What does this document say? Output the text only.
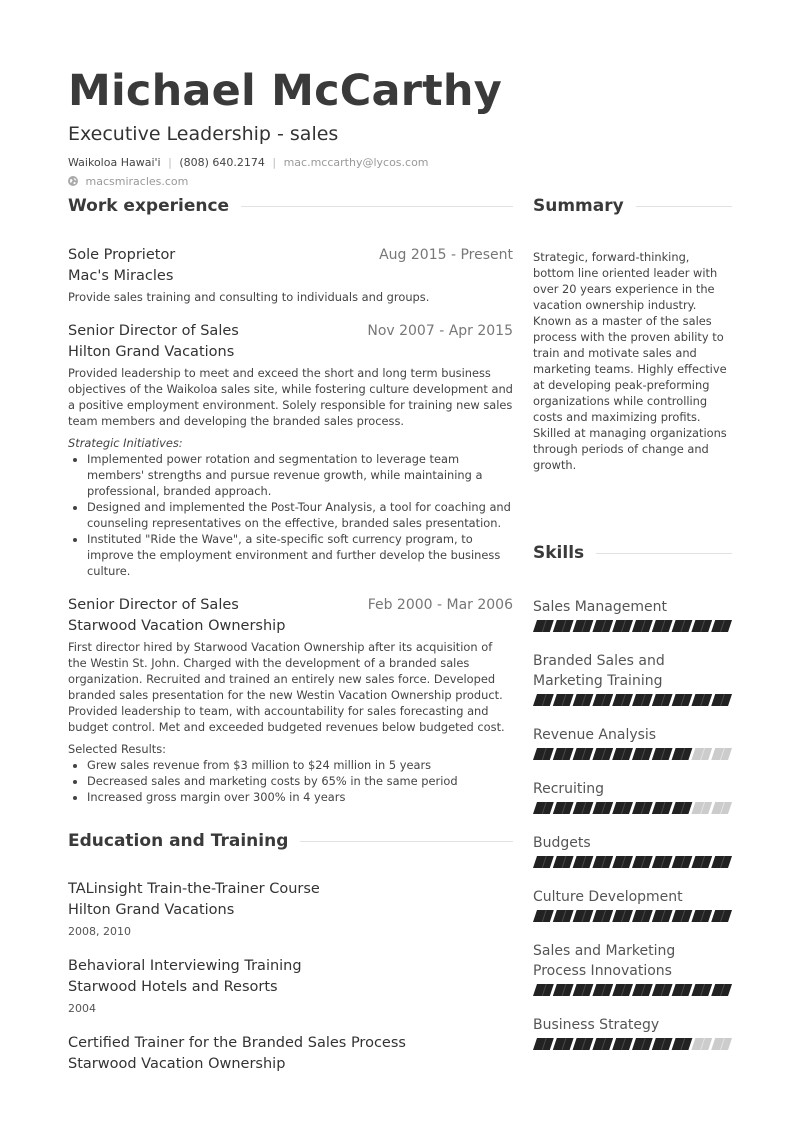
Michael McCarthy
Executive Leadership - sales
Waikoloa Hawai'i | (808) 640.2174 | mac.mccarthy@lycos.com
macsmiracles.com
Work experience
Sole Proprietor	Aug 2015 - Present
Mac's Miracles
Provide sales training and consulting to individuals and groups.
Senior Director of Sales	Nov 2007 - Apr 2015
Hilton Grand Vacations
Provided leadership to meet and exceed the short and long term business objectives of the Waikoloa sales site, while fostering culture development and a positive employment environment. Solely responsible for training new sales team members and developing the branded sales process.
Strategic Initiatives:
• Implemented power rotation and segmentation to leverage team members' strengths and pursue revenue growth, while maintaining a professional, branded approach.
• Designed and implemented the Post-Tour Analysis, a tool for coaching and counseling representatives on the effective, branded sales presentation.
• Instituted "Ride the Wave", a site-specific soft currency program, to improve the employment environment and further develop the business culture.
Senior Director of Sales	Feb 2000 - Mar 2006
Starwood Vacation Ownership
First director hired by Starwood Vacation Ownership after its acquisition of the Westin St. John. Charged with the development of a branded sales organization. Recruited and trained an entirely new sales force. Developed branded sales presentation for the new Westin Vacation Ownership product. Provided leadership to team, with accountability for sales forecasting and budget control. Met and exceeded budgeted revenues below budgeted cost.
Selected Results:
• Grew sales revenue from $3 million to $24 million in 5 years
• Decreased sales and marketing costs by 65% in the same period
• Increased gross margin over 300% in 4 years
Education and Training
TALinsight Train-the-Trainer Course
Hilton Grand Vacations
2008, 2010
Behavioral Interviewing Training
Starwood Hotels and Resorts
2004
Certified Trainer for the Branded Sales Process
Starwood Vacation Ownership
Summary
Strategic, forward-thinking, bottom line oriented leader with over 20 years experience in the vacation ownership industry. Known as a master of the sales process with the proven ability to train and motivate sales and marketing teams. Highly effective at developing peak-preforming organizations while controlling costs and maximizing profits. Skilled at managing organizations through periods of change and growth.
Skills
Sales Management
Branded Sales and Marketing Training
Revenue Analysis
Recruiting
Budgets
Culture Development
Sales and Marketing Process Innovations
Business Strategy
